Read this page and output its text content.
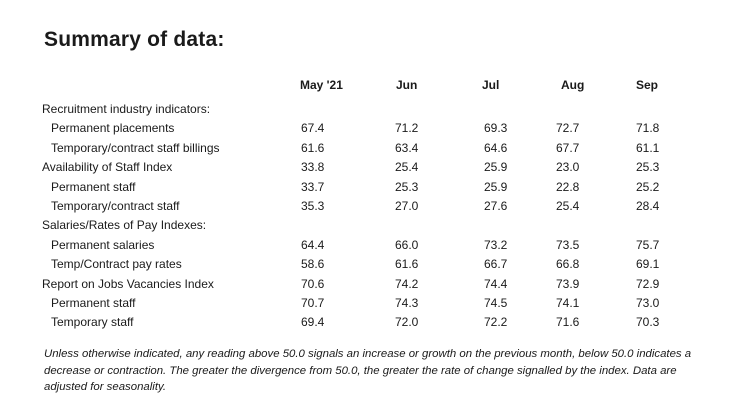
Summary of data:
	May '21	Jun	Jul	Aug	Sep
Recruitment industry indicators:					
Permanent placements	67.4	71.2	69.3	72.7	71.8
Temporary/contract staff billings	61.6	63.4	64.6	67.7	61.1
Availability of Staff Index	33.8	25.4	25.9	23.0	25.3
Permanent staff	33.7	25.3	25.9	22.8	25.2
Temporary/contract staff	35.3	27.0	27.6	25.4	28.4
Salaries/Rates of Pay Indexes:					
Permanent salaries	64.4	66.0	73.2	73.5	75.7
Temp/Contract pay rates	58.6	61.6	66.7	66.8	69.1
Report on Jobs Vacancies Index	70.6	74.2	74.4	73.9	72.9
Permanent staff	70.7	74.3	74.5	74.1	73.0
Temporary staff	69.4	72.0	72.2	71.6	70.3

Unless otherwise indicated, any reading above 50.0 signals an increase or growth on the previous month, below 50.0 indicates a decrease or contraction. The greater the divergence from 50.0, the greater the rate of change signalled by the index. Data are adjusted for seasonality.
